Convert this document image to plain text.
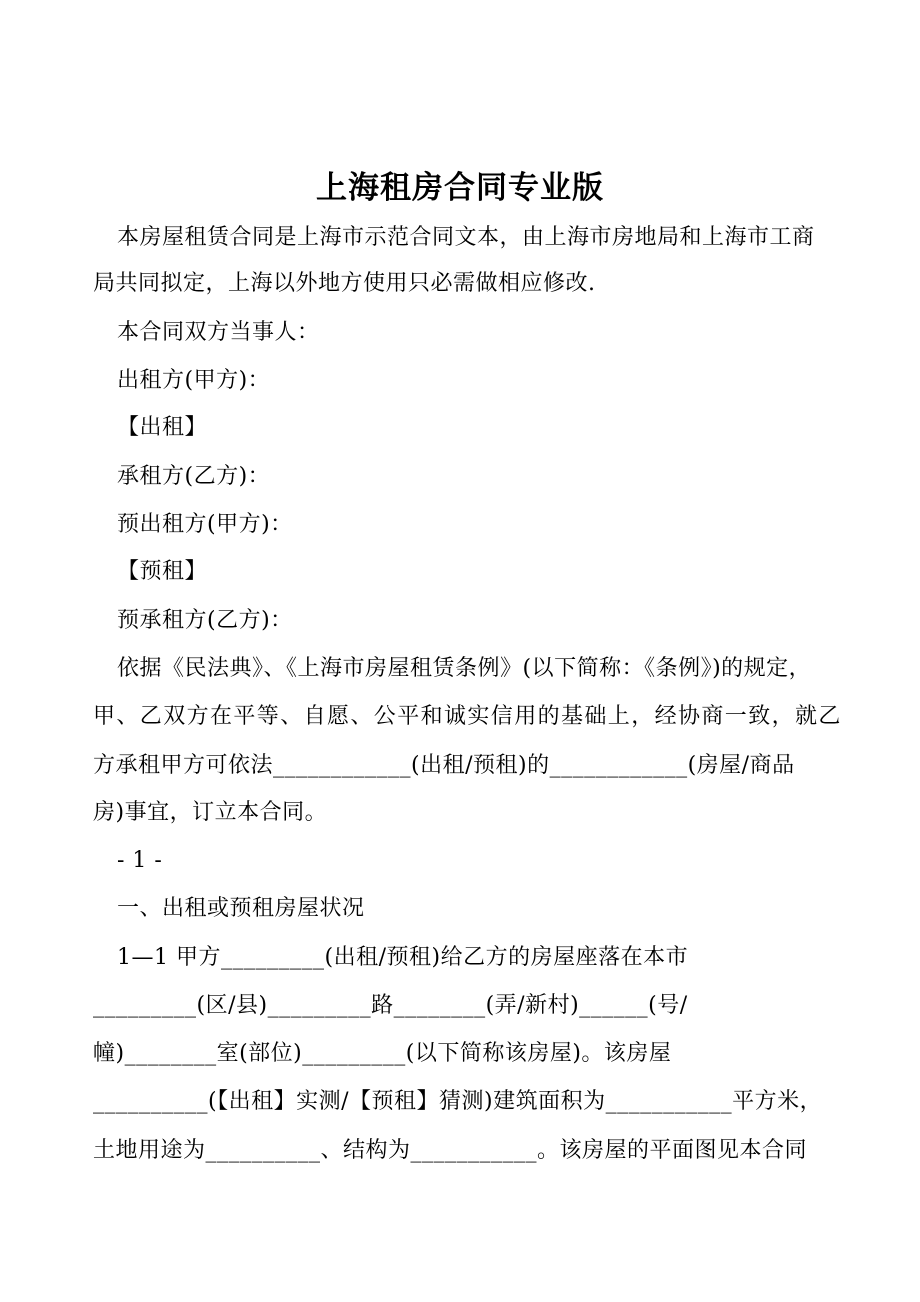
上海租房合同专业版
本房屋租赁合同是上海市示范合同文本，由上海市房地局和上海市工商
局共同拟定，上海以外地方使用只必需做相应修改.
本合同双方当事人：
出租方(甲方)：
【出租】
承租方(乙方)：
预出租方(甲方)：
【预租】
预承租方(乙方)：
依据《民法典》、《上海市房屋租赁条例》(以下简称：《条例》)的规定，
甲、乙双方在平等、自愿、公平和诚实信用的基础上，经协商一致，就乙
方承租甲方可依法____________(出租/预租)的____________(房屋/商品
房)事宜，订立本合同。
- 1 -
一、出租或预租房屋状况
1—1 甲方_________(出租/预租)给乙方的房屋座落在本市
_________(区/县)_________路________(弄/新村)______(号/
幢)________室(部位)_________(以下简称该房屋)。该房屋
__________(【出租】实测/【预租】猜测)建筑面积为___________平方米，
土地用途为__________、结构为___________。该房屋的平面图见本合同
